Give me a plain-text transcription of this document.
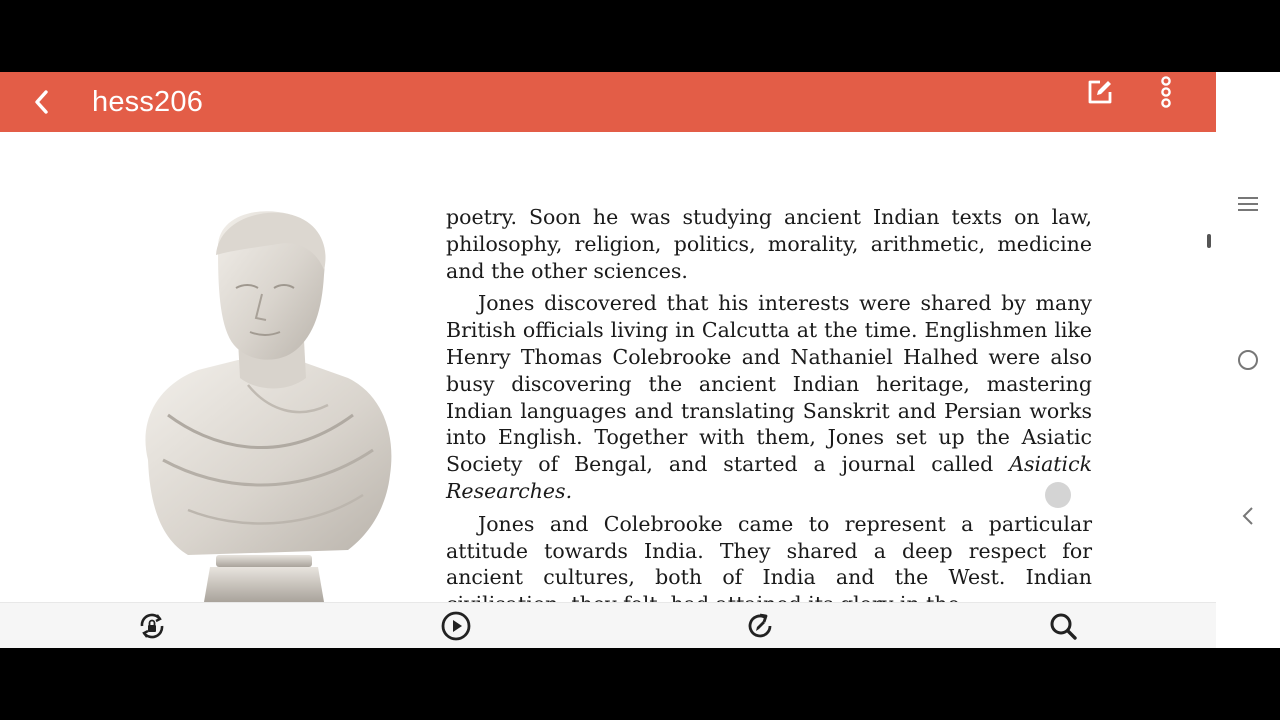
hess206

poetry. Soon he was studying ancient Indian texts on law, philosophy, religion, politics, morality, arithmetic, medicine and the other sciences.

Jones discovered that his interests were shared by many British officials living in Calcutta at the time. Englishmen like Henry Thomas Colebrooke and Nathaniel Halhed were also busy discovering the ancient Indian heritage, mastering Indian languages and translating Sanskrit and Persian works into English. Together with them, Jones set up the Asiatic Society of Bengal, and started a journal called Asiatick Researches.

Jones and Colebrooke came to represent a particular attitude towards India. They shared a deep respect for ancient cultures, both of India and the West. Indian
